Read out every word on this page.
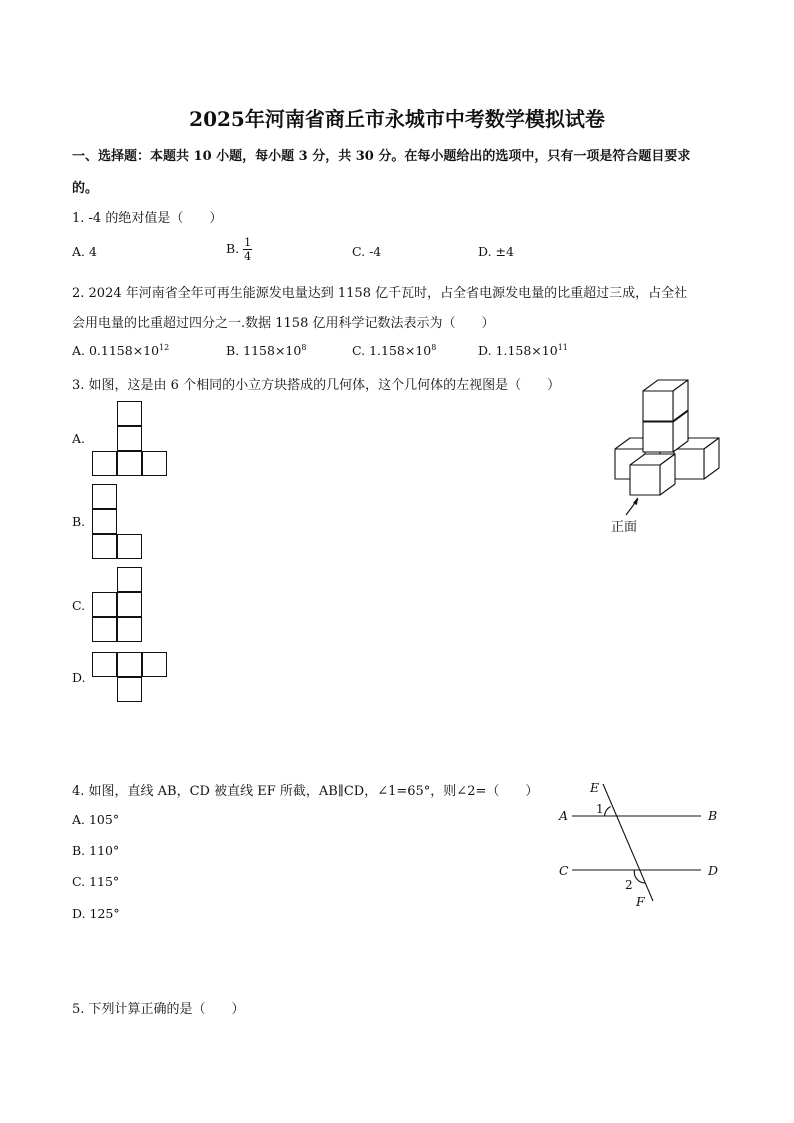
2025年河南省商丘市永城市中考数学模拟试卷
一、选择题：本题共 10 小题，每小题 3 分，共 30 分。在每小题给出的选项中，只有一项是符合题目要求
的。
1. -4 的绝对值是（　　）
A. 4	B. $\frac{1}{4}$	C. -4	D. ±4
2. 2024 年河南省全年可再生能源发电量达到 1158 亿千瓦时，占全省电源发电量的比重超过三成，占全社
会用电量的比重超过四分之一.数据 1158 亿用科学记数法表示为（　　）
A. $0.1158\times 10^{12}$	B. $1158\times 10^8$	C. $1.158\times 10^8$	D. $1.158\times 10^{11}$
3. 如图，这是由 6 个相同的小立方块搭成的几何体，这个几何体的左视图是（　　）
A.
B.
C.
D.
正面
4. 如图，直线 AB，CD 被直线 EF 所截，AB∥CD，∠1=65°，则∠2=（　　）
A. 105°
B. 110°
C. 115°
D. 125°
E
A	B
C	D
F
1
2
5. 下列计算正确的是（　　）
